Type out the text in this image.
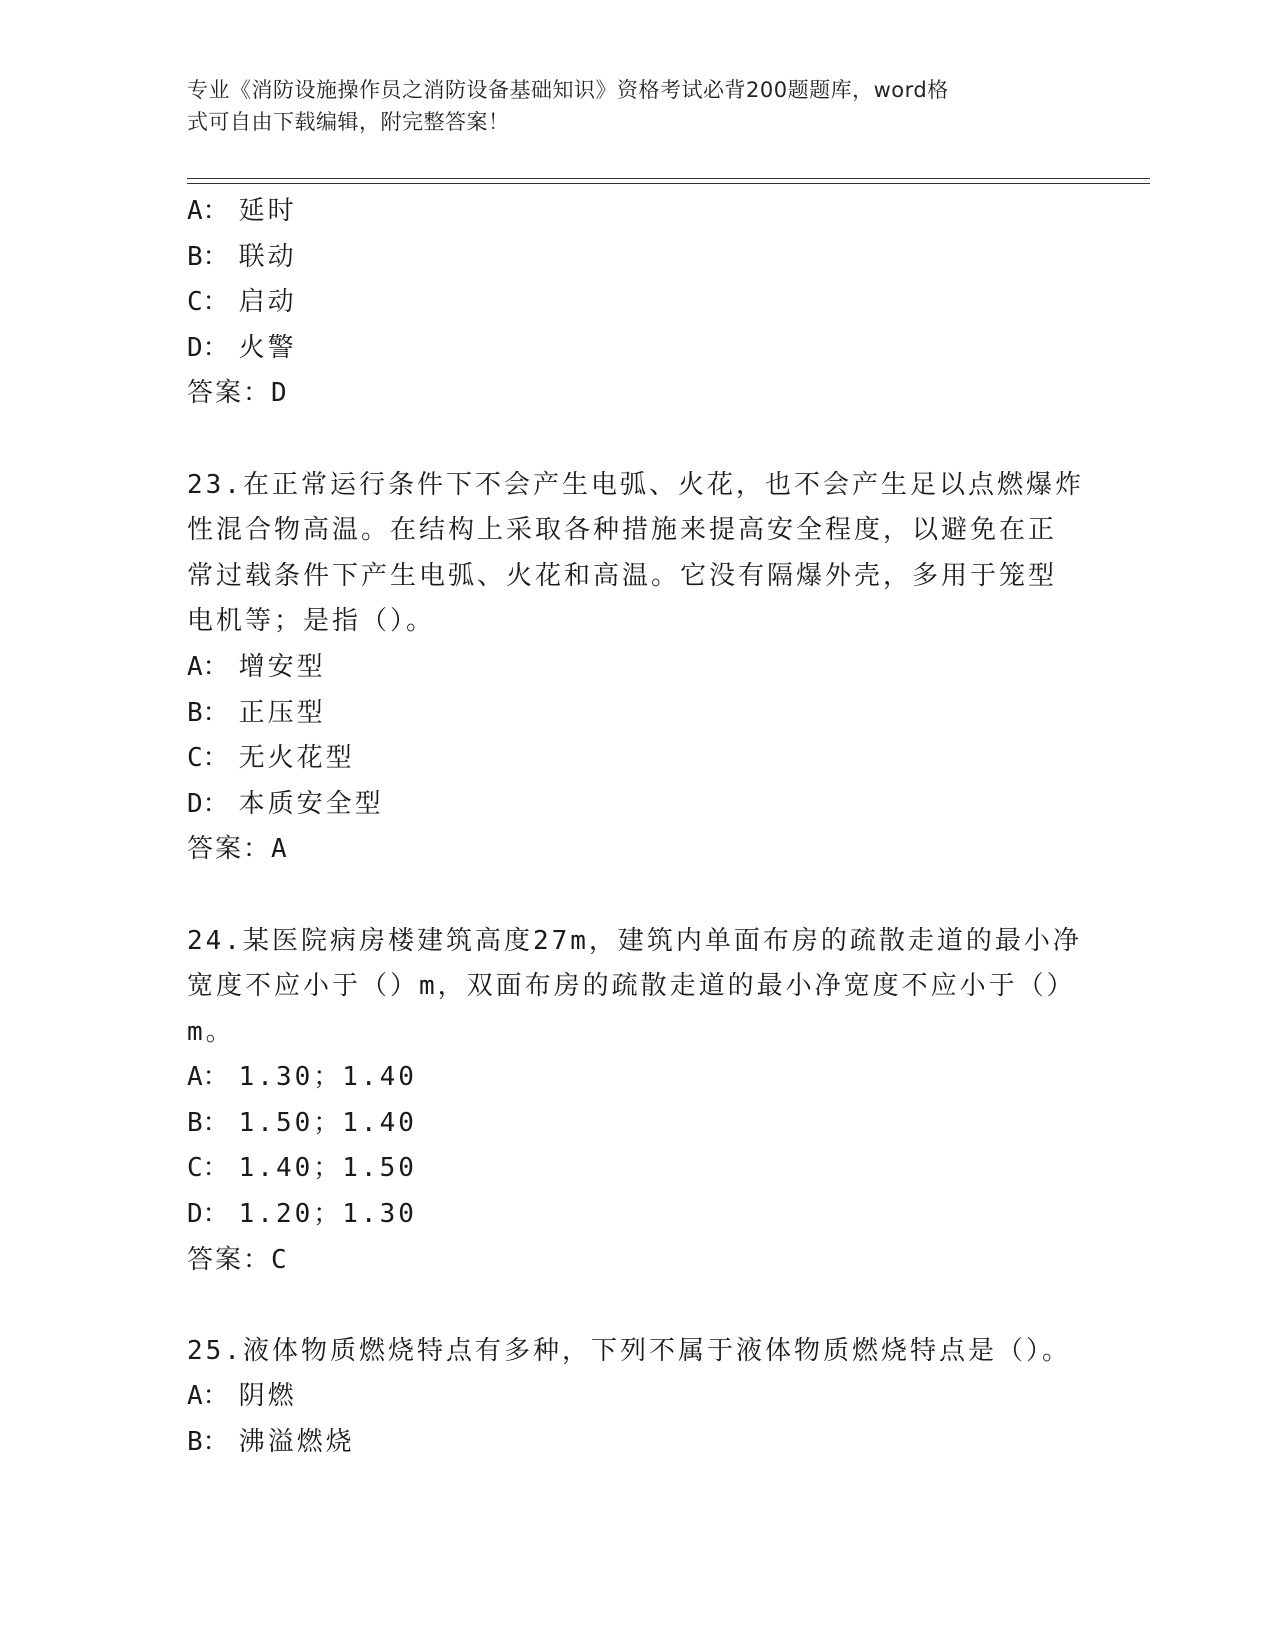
专业《消防设施操作员之消防设备基础知识》资格考试必背200题题库，word格
式可自由下载编辑，附完整答案！
A： 延时
B： 联动
C： 启动
D： 火警
答案：D
23.在正常运行条件下不会产生电弧、火花，也不会产生足以点燃爆炸
性混合物高温。在结构上采取各种措施来提高安全程度，以避免在正
常过载条件下产生电弧、火花和高温。它没有隔爆外壳，多用于笼型
电机等；是指（）。
A： 增安型
B： 正压型
C： 无火花型
D： 本质安全型
答案：A
24.某医院病房楼建筑高度27m，建筑内单面布房的疏散走道的最小净
宽度不应小于（）m，双面布房的疏散走道的最小净宽度不应小于（）
m。
A： 1.30；1.40
B： 1.50；1.40
C： 1.40；1.50
D： 1.20；1.30
答案：C
25.液体物质燃烧特点有多种，下列不属于液体物质燃烧特点是（）。
A： 阴燃
B： 沸溢燃烧
